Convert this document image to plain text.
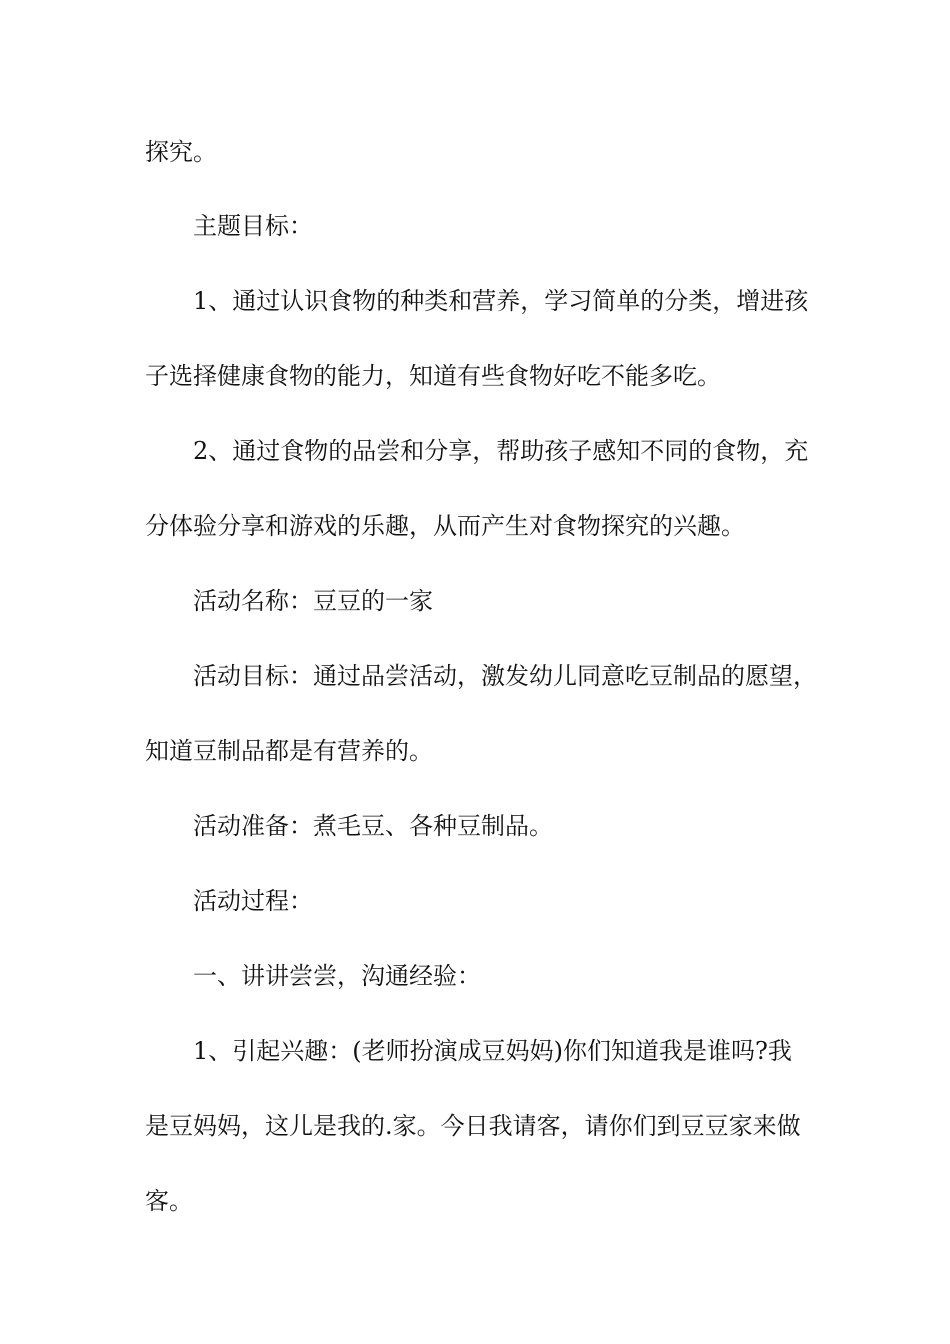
探究。
主题目标：
1、通过认识食物的种类和营养，学习简单的分类，增进孩
子选择健康食物的能力，知道有些食物好吃不能多吃。
2、通过食物的品尝和分享，帮助孩子感知不同的食物，充
分体验分享和游戏的乐趣，从而产生对食物探究的兴趣。
活动名称：豆豆的一家
活动目标：通过品尝活动，激发幼儿同意吃豆制品的愿望，
知道豆制品都是有营养的。
活动准备：煮毛豆、各种豆制品。
活动过程：
一、讲讲尝尝，沟通经验：
1、引起兴趣：(老师扮演成豆妈妈)你们知道我是谁吗?我
是豆妈妈，这儿是我的.家。今日我请客，请你们到豆豆家来做
客。
